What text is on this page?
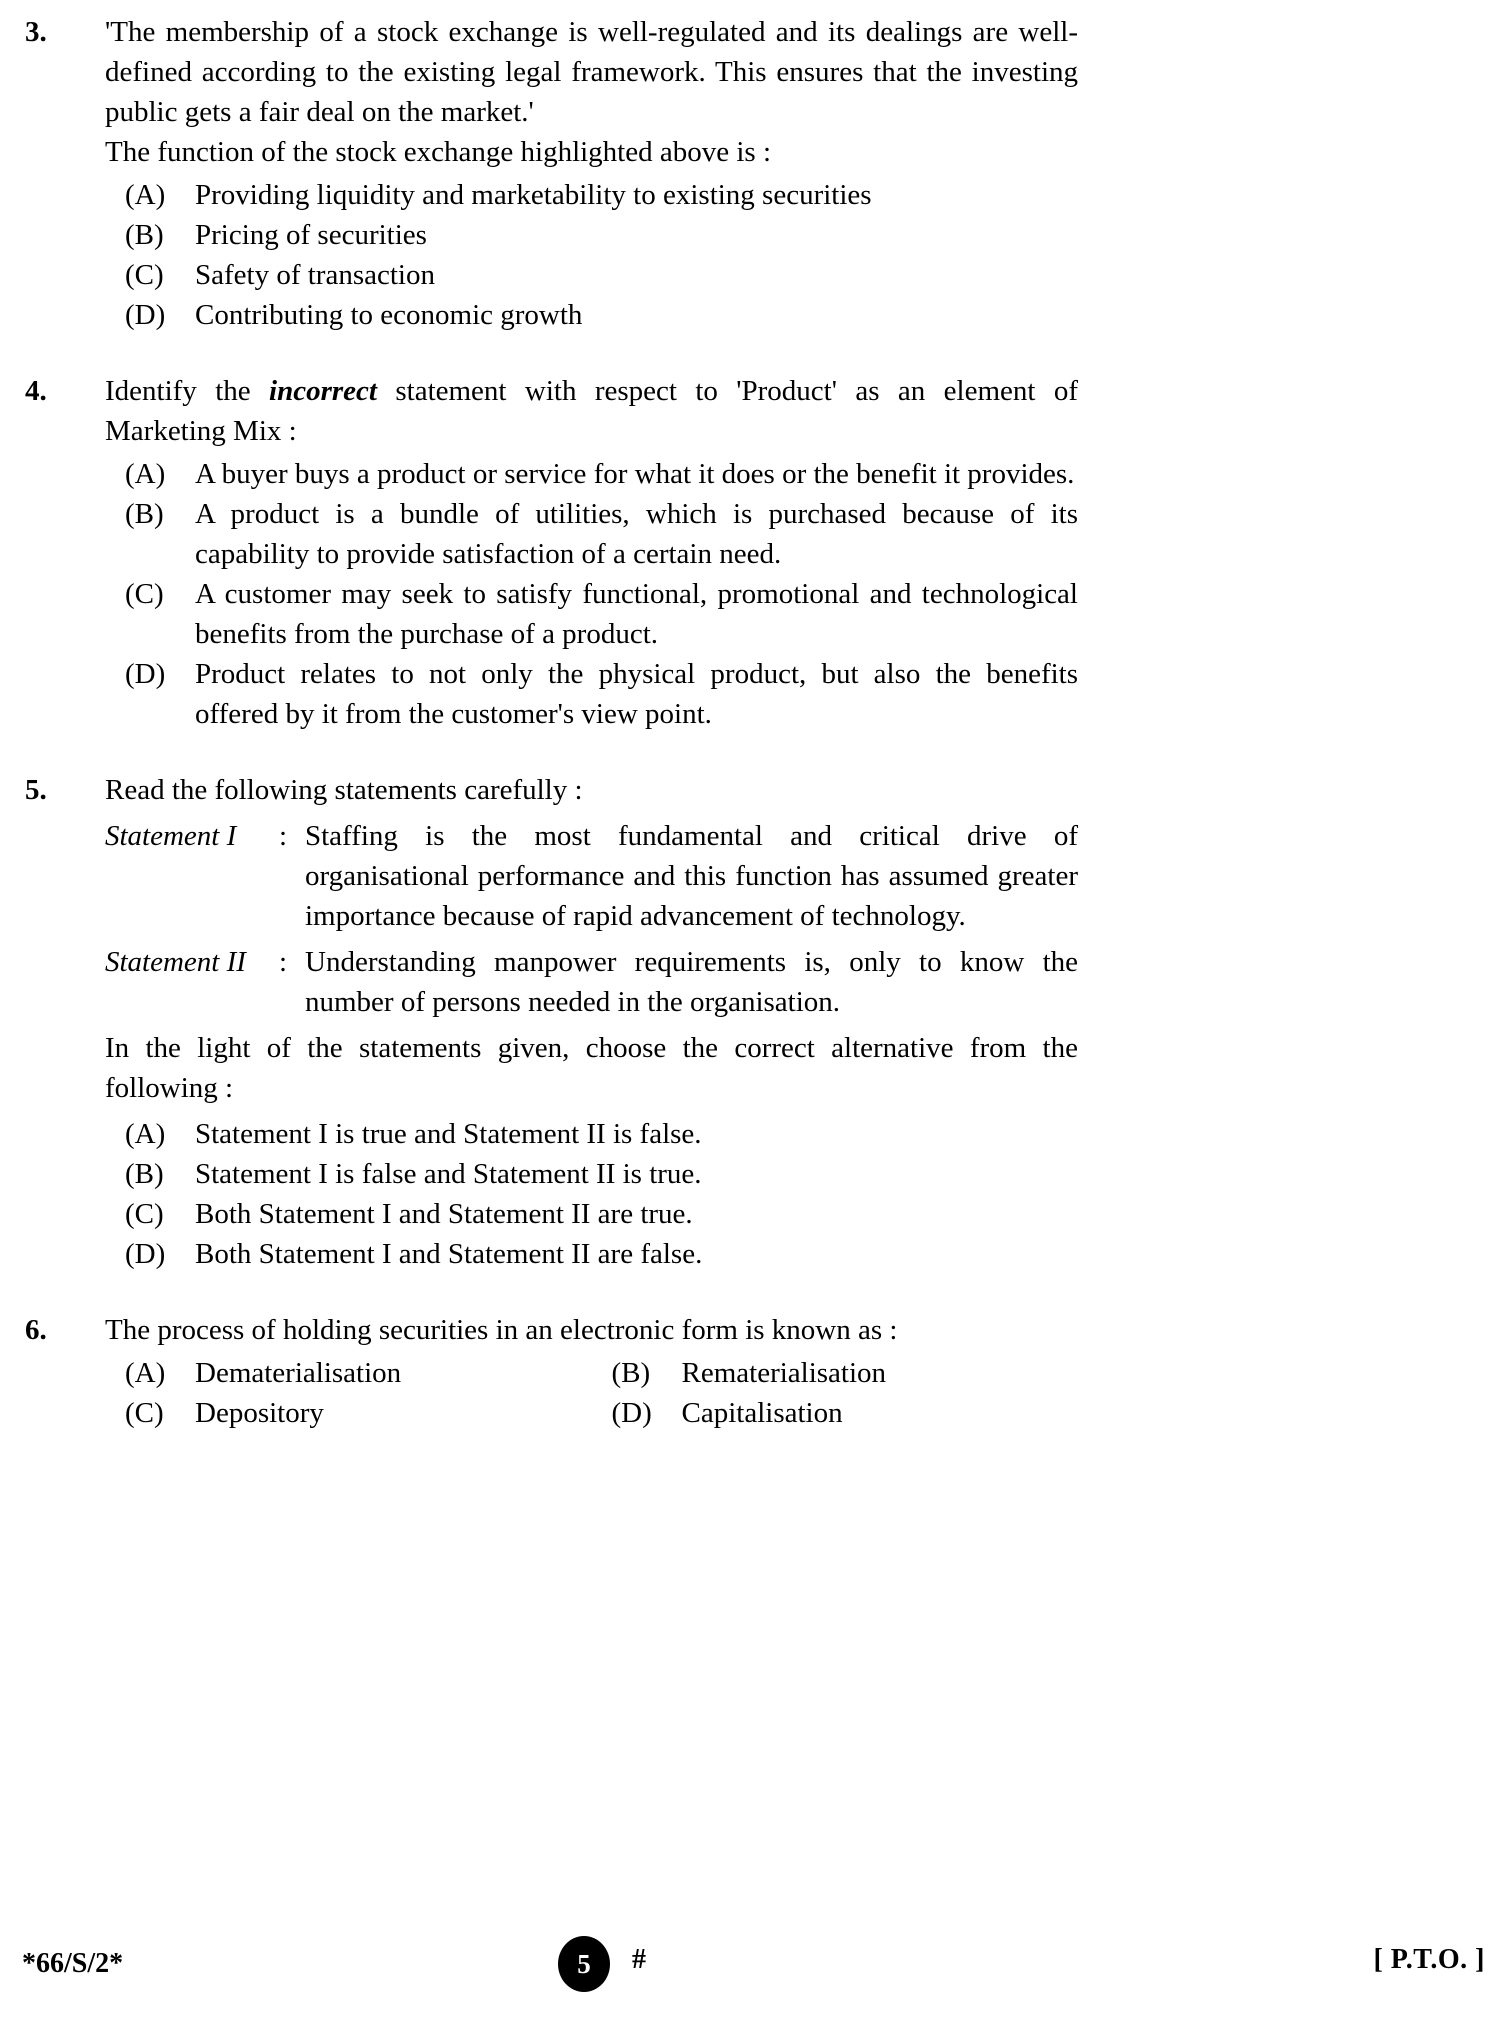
3.	'The membership of a stock exchange is well-regulated and its dealings are well-defined according to the existing legal framework. This ensures that the investing public gets a fair deal on the market.'
The function of the stock exchange highlighted above is :
(A)	Providing liquidity and marketability to existing securities
(B)	Pricing of securities
(C)	Safety of transaction
(D)	Contributing to economic growth
4.	Identify the incorrect statement with respect to 'Product' as an element of Marketing Mix :
(A)	A buyer buys a product or service for what it does or the benefit it provides.
(B)	A product is a bundle of utilities, which is purchased because of its capability to provide satisfaction of a certain need.
(C)	A customer may seek to satisfy functional, promotional and technological benefits from the purchase of a product.
(D)	Product relates to not only the physical product, but also the benefits offered by it from the customer's view point.
5.	Read the following statements carefully :
Statement I : Staffing is the most fundamental and critical drive of organisational performance and this function has assumed greater importance because of rapid advancement of technology.
Statement II : Understanding manpower requirements is, only to know the number of persons needed in the organisation.
In the light of the statements given, choose the correct alternative from the following :
(A)	Statement I is true and Statement II is false.
(B)	Statement I is false and Statement II is true.
(C)	Both Statement I and Statement II are true.
(D)	Both Statement I and Statement II are false.
6.	The process of holding securities in an electronic form is known as :
(A)	Dematerialisation	(B)	Rematerialisation
(C)	Depository	(D)	Capitalisation
*66/S/2*	5	#	[ P.T.O. ]
